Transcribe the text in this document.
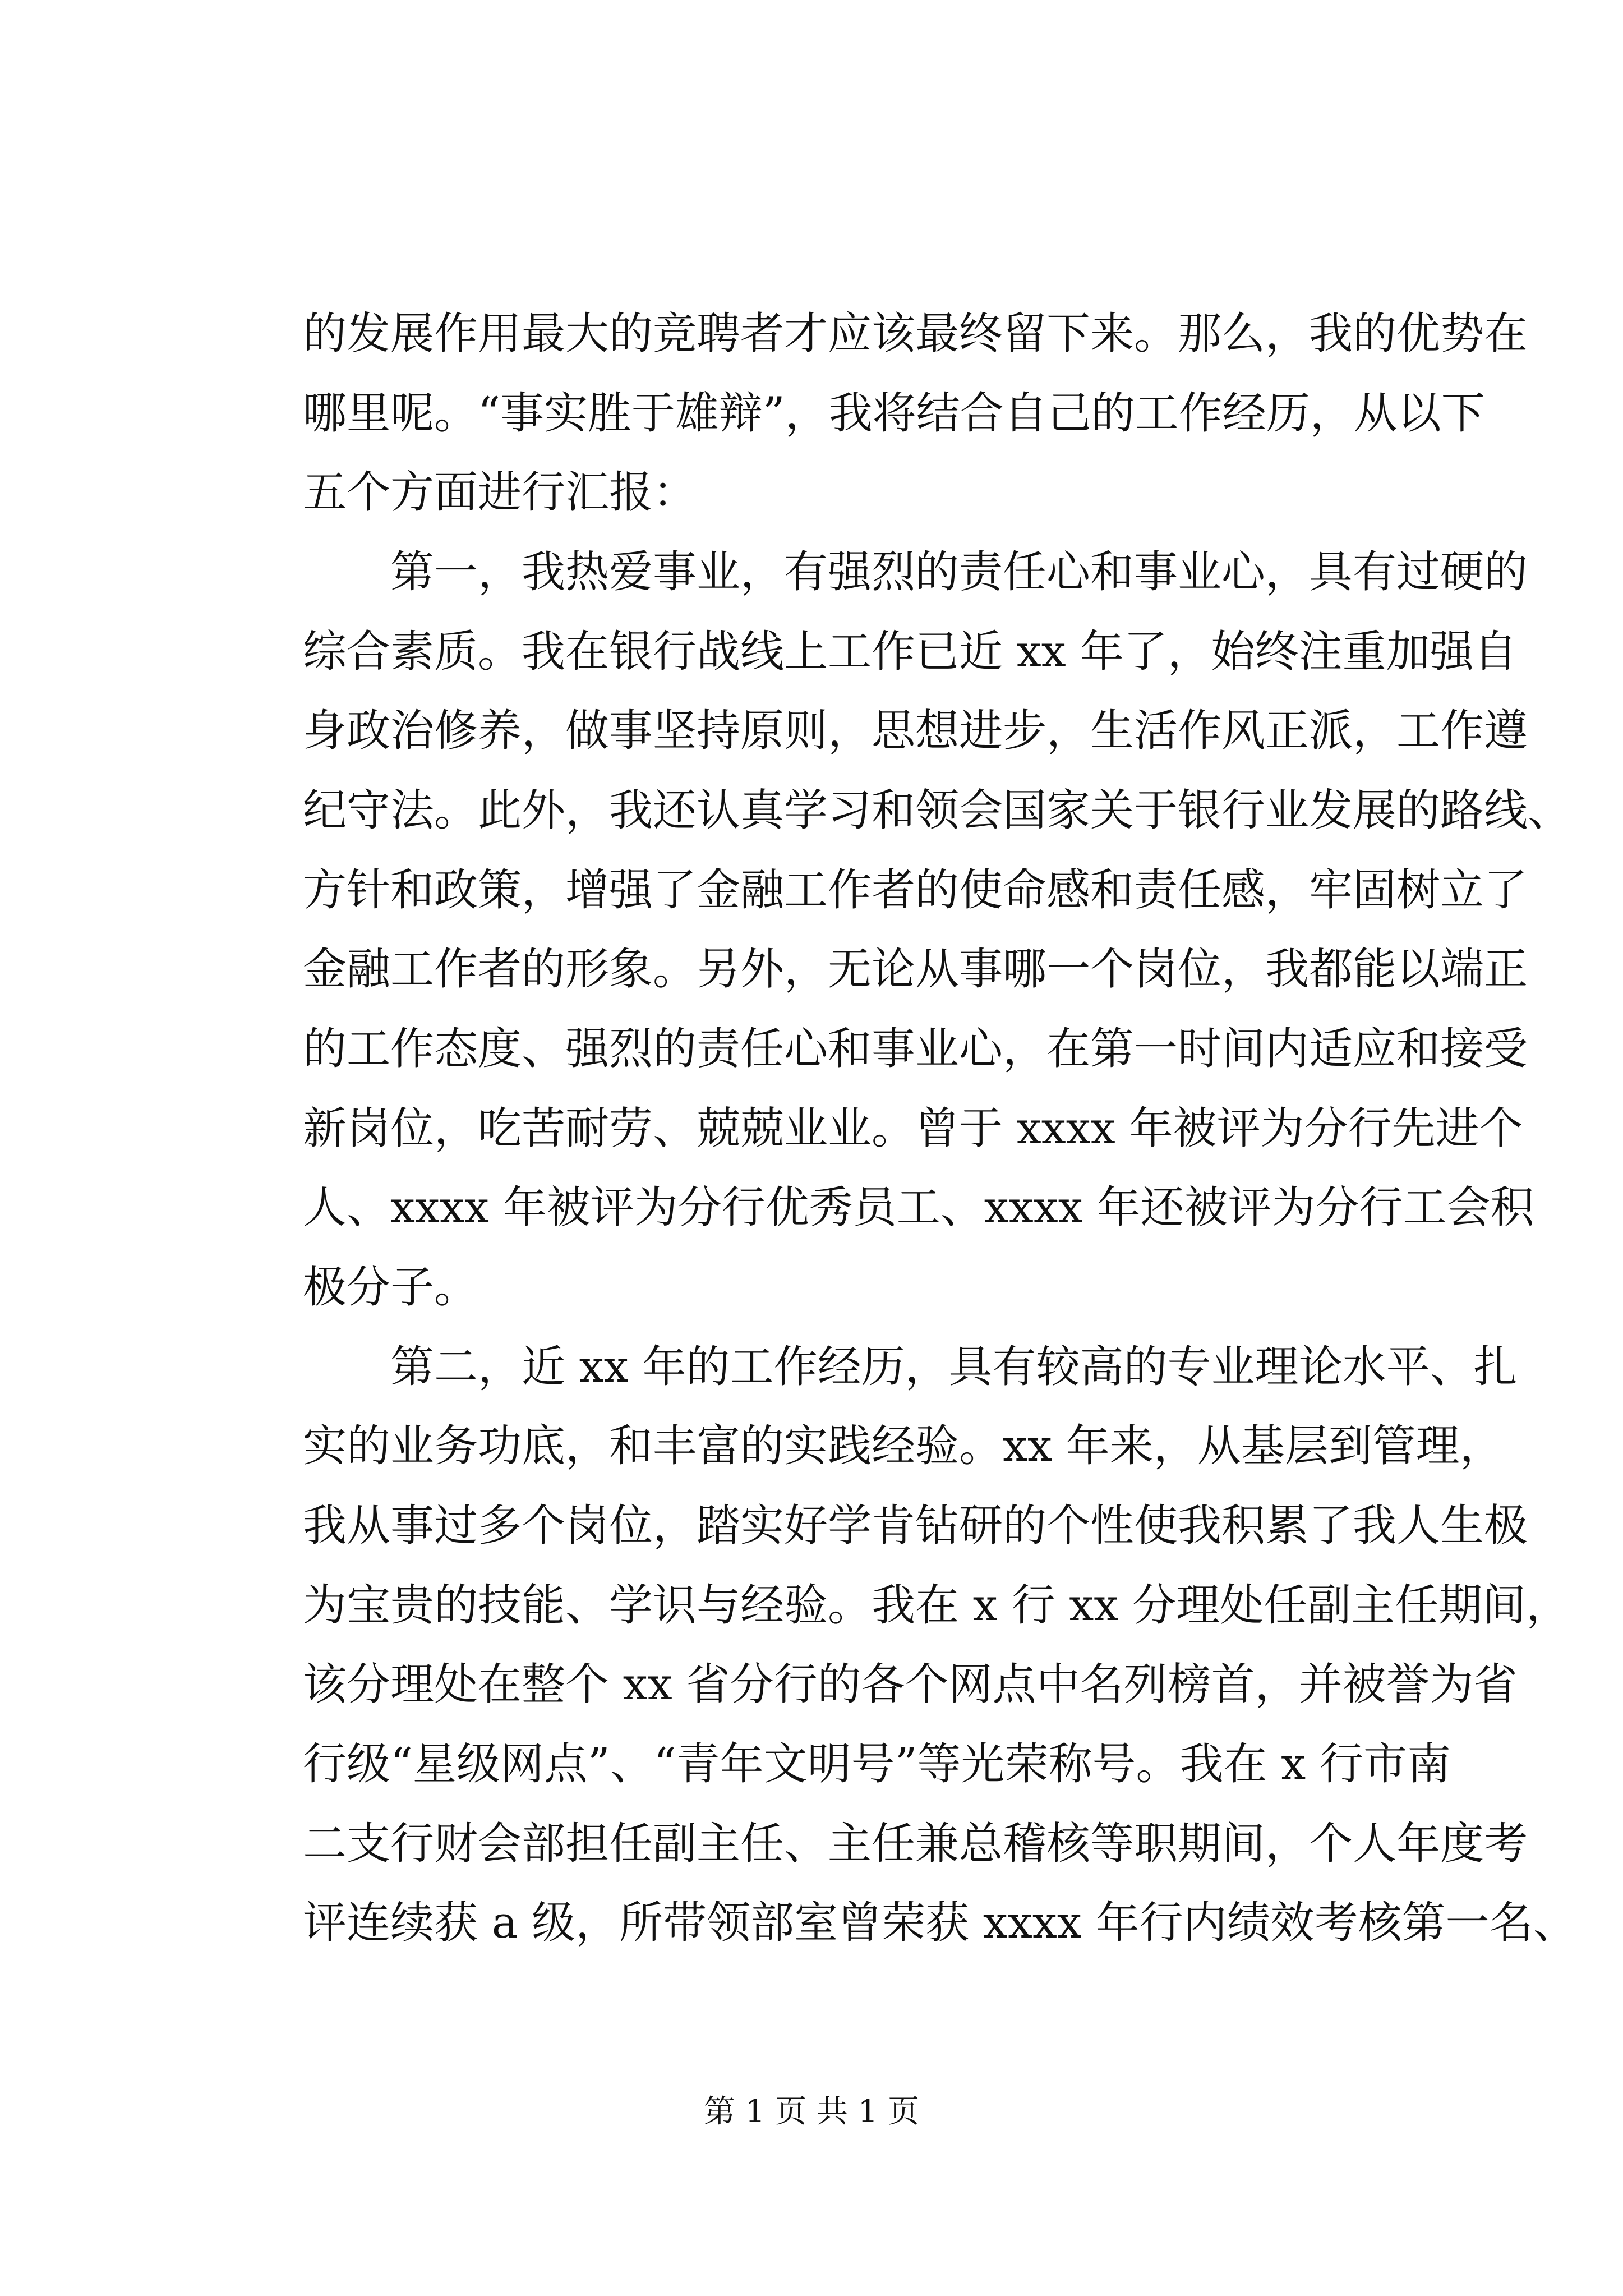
的发展作用最大的竞聘者才应该最终留下来。那么，我的优势在
哪里呢。“事实胜于雄辩”，我将结合自己的工作经历，从以下
五个方面进行汇报：
第一，我热爱事业，有强烈的责任心和事业心，具有过硬的
综合素质。我在银行战线上工作已近 xx 年了，始终注重加强自
身政治修养，做事坚持原则，思想进步，生活作风正派，工作遵
纪守法。此外，我还认真学习和领会国家关于银行业发展的路线、
方针和政策，增强了金融工作者的使命感和责任感，牢固树立了
金融工作者的形象。另外，无论从事哪一个岗位，我都能以端正
的工作态度、强烈的责任心和事业心，在第一时间内适应和接受
新岗位，吃苦耐劳、兢兢业业。曾于 xxxx 年被评为分行先进个
人、xxxx 年被评为分行优秀员工、xxxx 年还被评为分行工会积
极分子。
第二，近 xx 年的工作经历，具有较高的专业理论水平、扎
实的业务功底，和丰富的实践经验。xx 年来，从基层到管理，
我从事过多个岗位，踏实好学肯钻研的个性使我积累了我人生极
为宝贵的技能、学识与经验。我在 x 行 xx 分理处任副主任期间，
该分理处在整个 xx 省分行的各个网点中名列榜首，并被誉为省
行级“星级网点”、“青年文明号”等光荣称号。我在 x 行市南
二支行财会部担任副主任、主任兼总稽核等职期间，个人年度考
评连续获 a 级，所带领部室曾荣获 xxxx 年行内绩效考核第一名、
第 1 页 共 1 页
